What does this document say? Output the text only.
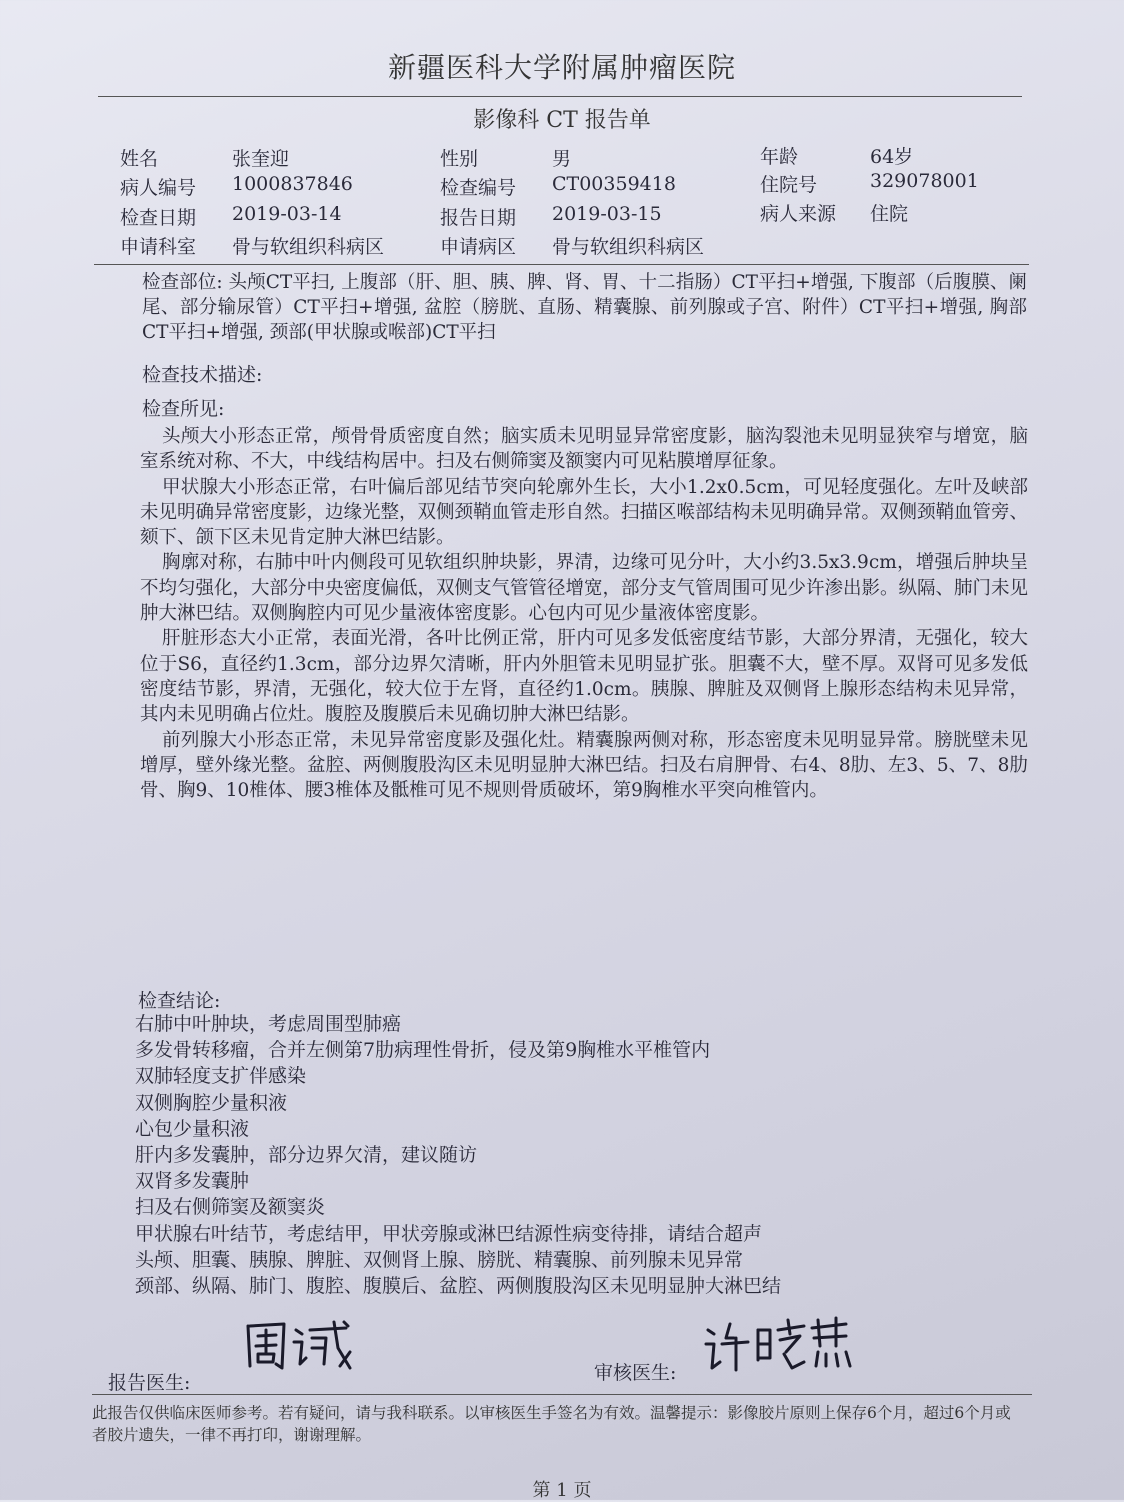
新疆医科大学附属肿瘤医院
影像科 CT 报告单
姓名	张奎迎	性别	男	年龄	64岁
病人编号 1000837846	检查编号 CT00359418	住院号	329078001
检查日期 2019-03-14	报告日期 2019-03-15	病人来源 住院
申请科室 骨与软组织科病区	申请病区 骨与软组织科病区

检查部位: 头颅CT平扫, 上腹部（肝、胆、胰、脾、肾、胃、十二指肠）CT平扫+增强, 下腹部（后腹膜、阑尾、部分输尿管）CT平扫+增强, 盆腔（膀胱、直肠、精囊腺、前列腺或子宫、附件）CT平扫+增强, 胸部CT平扫+增强, 颈部(甲状腺或喉部)CT平扫

检查技术描述:
检查所见:

头颅大小形态正常，颅骨骨质密度自然；脑实质未见明显异常密度影，脑沟裂池未见明显狭窄与增宽，脑室系统对称、不大，中线结构居中。扫及右侧筛窦及额窦内可见粘膜增厚征象。

甲状腺大小形态正常，右叶偏后部见结节突向轮廓外生长，大小1.2x0.5cm，可见轻度强化。左叶及峡部未见明确异常密度影，边缘光整，双侧颈鞘血管走形自然。扫描区喉部结构未见明确异常。双侧颈鞘血管旁、颏下、颌下区未见肯定肿大淋巴结影。

胸廓对称，右肺中叶内侧段可见软组织肿块影，界清，边缘可见分叶，大小约3.5x3.9cm，增强后肿块呈不均匀强化，大部分中央密度偏低，双侧支气管管径增宽，部分支气管周围可见少许渗出影。纵隔、肺门未见肿大淋巴结。双侧胸腔内可见少量液体密度影。心包内可见少量液体密度影。

肝脏形态大小正常，表面光滑，各叶比例正常，肝内可见多发低密度结节影，大部分界清，无强化，较大位于S6，直径约1.3cm，部分边界欠清晰，肝内外胆管未见明显扩张。胆囊不大，壁不厚。双肾可见多发低密度结节影，界清，无强化，较大位于左肾，直径约1.0cm。胰腺、脾脏及双侧肾上腺形态结构未见异常，其内未见明确占位灶。腹腔及腹膜后未见确切肿大淋巴结影。

前列腺大小形态正常，未见异常密度影及强化灶。精囊腺两侧对称，形态密度未见明显异常。膀胱壁未见增厚，壁外缘光整。盆腔、两侧腹股沟区未见明显肿大淋巴结。扫及右肩胛骨、右4、8肋、左3、5、7、8肋骨、胸9、10椎体、腰3椎体及骶椎可见不规则骨质破坏，第9胸椎水平突向椎管内。

检查结论:
右肺中叶肿块，考虑周围型肺癌
多发骨转移瘤，合并左侧第7肋病理性骨折，侵及第9胸椎水平椎管内
双肺轻度支扩伴感染
双侧胸腔少量积液
心包少量积液
肝内多发囊肿，部分边界欠清，建议随访
双肾多发囊肿
扫及右侧筛窦及额窦炎
甲状腺右叶结节，考虑结甲，甲状旁腺或淋巴结源性病变待排，请结合超声
头颅、胆囊、胰腺、脾脏、双侧肾上腺、膀胱、精囊腺、前列腺未见异常
颈部、纵隔、肺门、腹腔、腹膜后、盆腔、两侧腹股沟区未见明显肿大淋巴结
报告医生:	审核医生:
此报告仅供临床医师参考。若有疑问，请与我科联系。以审核医生手签名为有效。温馨提示：影像胶片原则上保存6个月，超过6个月或者胶片遗失，一律不再打印，谢谢理解。
第 1 页
